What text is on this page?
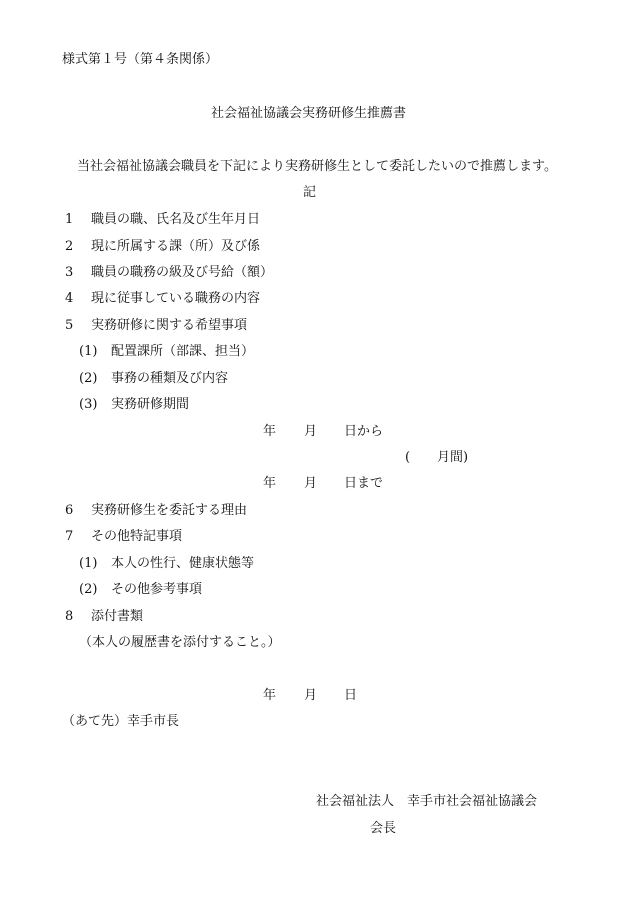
様式第１号（第４条関係）
社会福祉協議会実務研修生推薦書
当社会福祉協議会職員を下記により実務研修生として委託したいので推薦します。
記
1 職員の職、氏名及び生年月日
2 現に所属する課（所）及び係
3 職員の職務の級及び号給（額）
4 現に従事している職務の内容
5 実務研修に関する希望事項
(1) 配置課所（部課、担当）
(2) 事務の種類及び内容
(3) 実務研修期間
年 月 日から
( 月間)
年 月 日まで
6 実務研修生を委託する理由
7 その他特記事項
(1) 本人の性行、健康状態等
(2) その他参考事項
8 添付書類
（本人の履歴書を添付すること。）
年 月 日
（あて先）幸手市長
社会福祉法人　幸手市社会福祉協議会
会長
